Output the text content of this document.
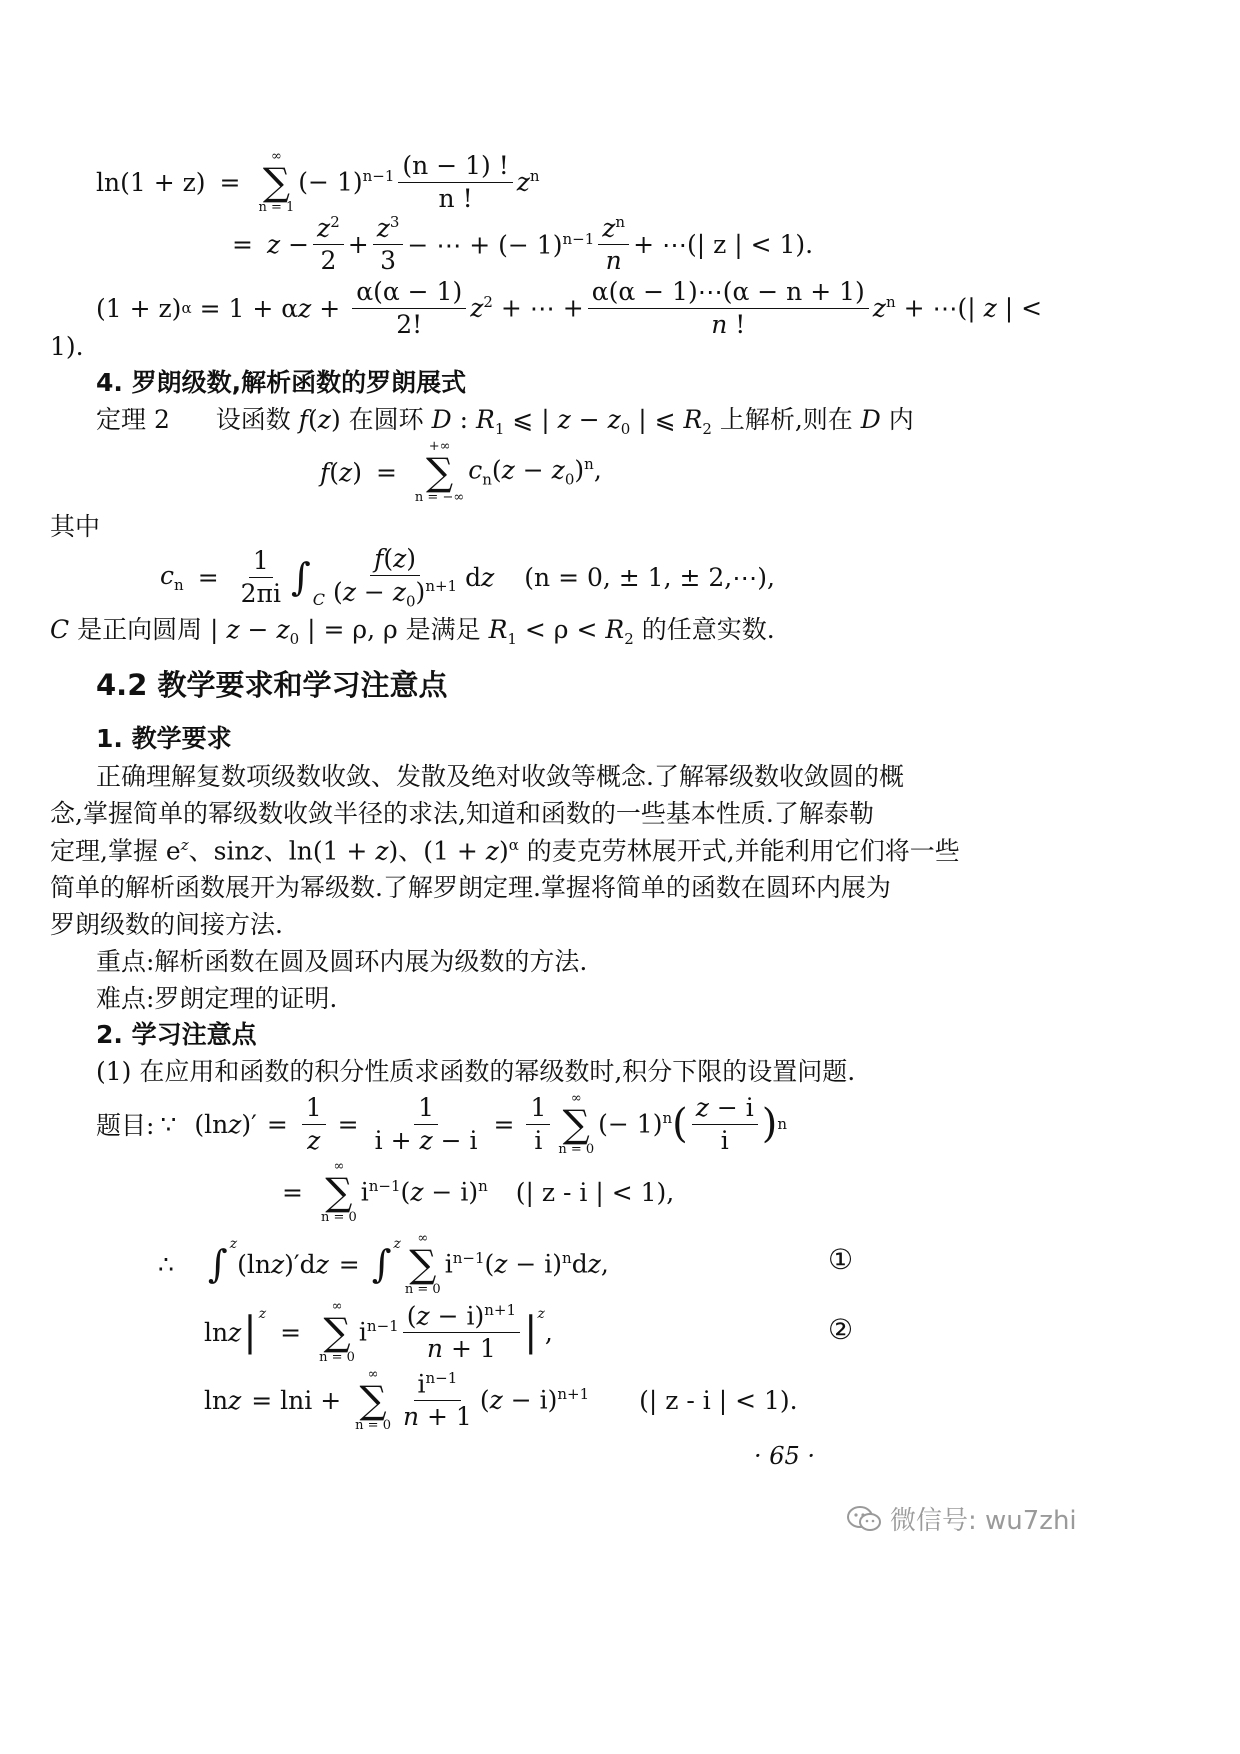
ln(1 + z) =
∞
∑
n = 1
(− $1)^{n-1} \frac{(n - 1) !}{n !} z^n$
= $z - \frac{z^2}{2} + \frac{z^3}{3}$ − ⋯ + (− $1)^{n-1} \frac{z^n}{n}$ + ⋯ (| z | < 1).
(1 + z) $\alpha = 1 + \alpha z + \frac{\alpha(\alpha - 1)}{2!} z^2$ + ⋯ + $\frac{\alpha(\alpha - 1)\cdots(\alpha - n + 1)}{n !} z^n$ + ⋯(| z | <
1).
4. 罗朗级数,解析函数的罗朗展式
定理 2 设函数 f(z) 在圆环 D : $R_1$ ⩽ | $z - z_0$ | ⩽ $R_2$ 上解析,则在 D 内
f(z) =
+∞
∑
n = −∞
$c_n(z - z_0)^n$,
其中
$c_n = \frac{1}{2\pi i}$ ∫
C $\frac{f(z)}{(z - z_0)^{n+1}}$ dz (n = 0, ± 1, ± 2,⋯),
C 是正向圆周 | $z - z_0$ | = ρ, ρ 是满足 $R_1 < \rho < R_2$ 的任意实数.
4.2 教学要求和学习注意点
1. 教学要求
正确理解复数项级数收敛、发散及绝对收敛等概念.了解幂级数收敛圆的概
念,掌握简单的幂级数收敛半径的求法,知道和函数的一些基本性质.了解泰勒
定理,掌握 $e^z$、sinz、ln(1 + z)、$(1 + z)^\alpha$ 的麦克劳林展开式,并能利用它们将一些
简单的解析函数展开为幂级数.了解罗朗定理.掌握将简单的函数在圆环内展为
罗朗级数的间接方法.
重点:解析函数在圆及圆环内展为级数的方法.
难点:罗朗定理的证明.
2. 学习注意点
(1) 在应用和函数的积分性质求函数的幂级数时,积分下限的设置问题.
题目: ∵ $(\ln z)' = \frac{1}{z} = \frac{1}{i + z - i} = \frac{1}{i}$ ∞
∑
n = 0
(− 1)$^n$ ( $\frac{z - i}{i}$ ) n
=
∞
∑
n = 0
$i^{n-1}(z - i)^n$ (| z - i | < 1),
∴ ∫ z
(lnz)′dz = ∫ z ∞
∑
n = 0
$i^{n-1}(z - i)^ndz$,	①
lnz | z
=
∞
∑
n = 0
$i^{n-1} \frac{(z - i)^{n+1}}{n + 1}$ | z
,	②
lnz = lni +
∞
∑
$n = 0 \frac{i^{n-1}}{n + 1} (z - i)^{n+1}$ (| z - i | < 1).
· 65 ·
微信号: wu7zhi
